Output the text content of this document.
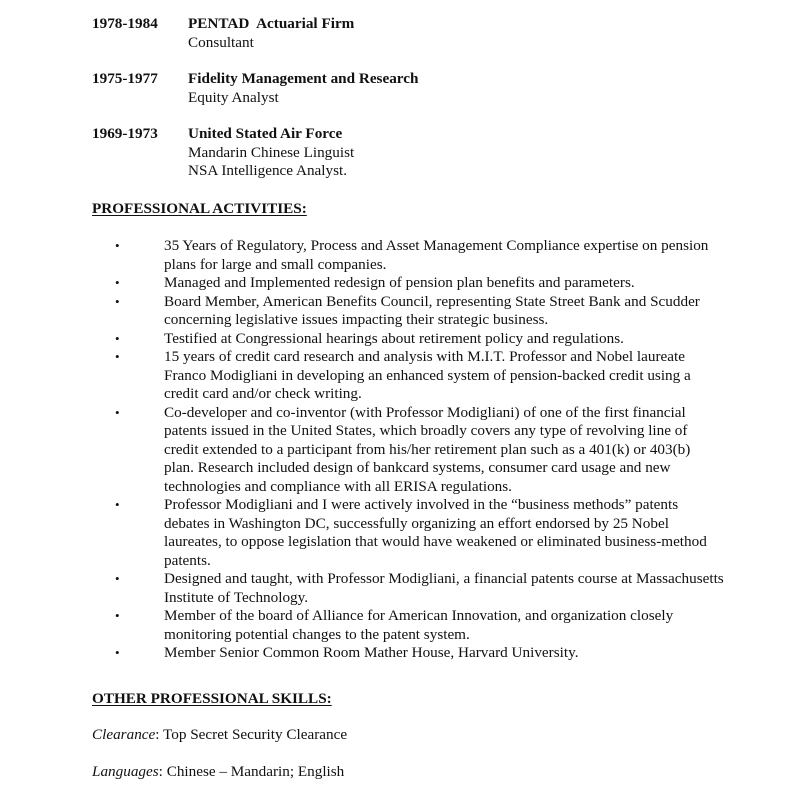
1978-1984 PENTAD  Actuarial Firm
Consultant
1975-1977 Fidelity Management and Research
Equity Analyst
1969-1973 United Stated Air Force
Mandarin Chinese Linguist
NSA Intelligence Analyst.
PROFESSIONAL ACTIVITIES:
•	35 Years of Regulatory, Process and Asset Management Compliance expertise on pension plans for large and small companies.
•	Managed and Implemented redesign of pension plan benefits and parameters.
•	Board Member, American Benefits Council, representing State Street Bank and Scudder concerning legislative issues impacting their strategic business.
•	Testified at Congressional hearings about retirement policy and regulations.
•	15 years of credit card research and analysis with M.I.T. Professor and Nobel laureate Franco Modigliani in developing an enhanced system of pension-backed credit using a credit card and/or check writing.
•	Co-developer and co-inventor (with Professor Modigliani) of one of the first financial patents issued in the United States, which broadly covers any type of revolving line of credit extended to a participant from his/her retirement plan such as a 401(k) or 403(b) plan. Research included design of bankcard systems, consumer card usage and new technologies and compliance with all ERISA regulations.
•	Professor Modigliani and I were actively involved in the “business methods” patents debates in Washington DC, successfully organizing an effort endorsed by 25 Nobel laureates, to oppose legislation that would have weakened or eliminated business-method patents.
•	Designed and taught, with Professor Modigliani, a financial patents course at Massachusetts Institute of Technology.
•	Member of the board of Alliance for American Innovation, and organization closely monitoring potential changes to the patent system.
•	Member Senior Common Room Mather House, Harvard University.
OTHER PROFESSIONAL SKILLS:
Clearance: Top Secret Security Clearance
Languages: Chinese – Mandarin; English
